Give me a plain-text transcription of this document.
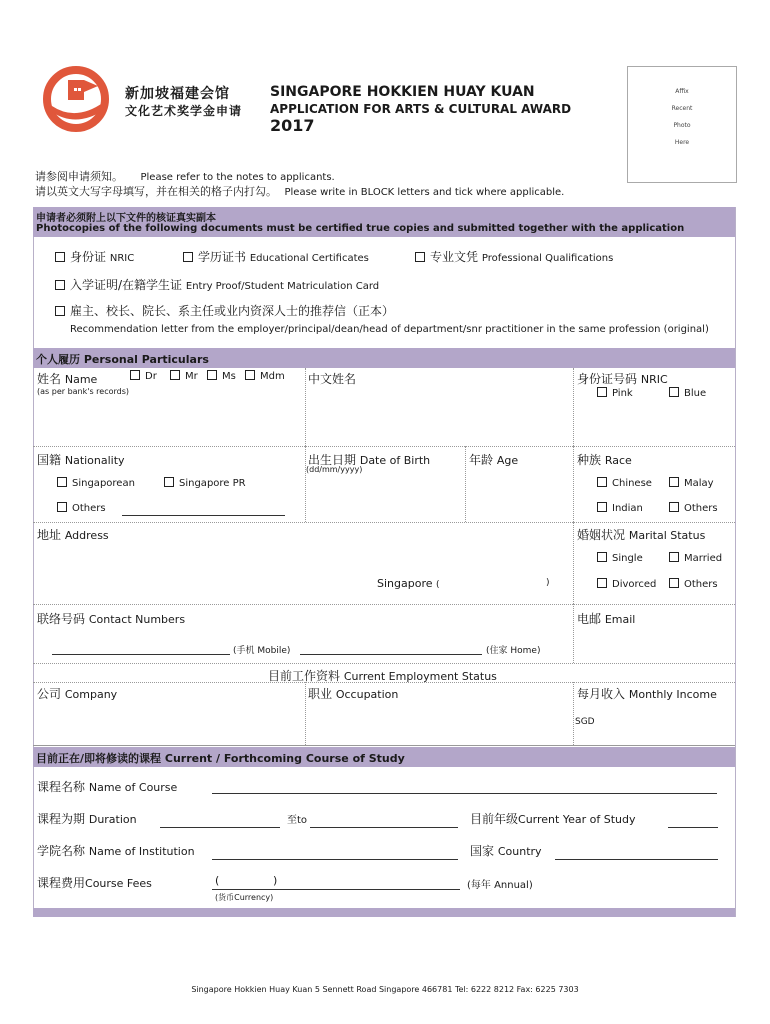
新加坡福建会馆
文化艺术奖学金申请
SINGAPORE HOKKIEN HUAY KUAN
APPLICATION FOR ARTS & CULTURAL AWARD
2017
Affix
Recent
Photo
Here
请参阅申请须知。 Please refer to the notes to applicants.
请以英文大写字母填写，并在相关的格子内打勾。 Please write in BLOCK letters and tick where applicable.
申请者必须附上以下文件的核证真实副本
Photocopies of the following documents must be certified true copies and submitted together with the application
身份证 NRIC	学历证书 Educational Certificates	专业文凭 Professional Qualifications
入学证明/在籍学生证 Entry Proof/Student Matriculation Card
雇主、校长、院长、系主任或业内资深人士的推荐信（正本）
Recommendation letter from the employer/principal/dean/head of department/snr practitioner in the same profession (original)
个人履历 Personal Particulars
姓名 Name	Dr	Mr Ms Mdm
(as per bank's records)
中文姓名	身份证号码 NRIC
Pink	Blue
国籍 Nationality
Singaporean	Singapore PR
Others
出生日期 Date of Birth
(dd/mm/yyyy)
年龄 Age	种族 Race
Chinese	Malay
Indian	Others
地址 Address
Singapore (	)
婚姻状况 Marital Status
Single	Married
Divorced	Others
联络号码 Contact Numbers
(手机 Mobile)	(住家 Home)
电邮 Email
目前工作资料 Current Employment Status
公司 Company	职业 Occupation	每月收入 Monthly Income
SGD
目前正在/即将修读的课程 Current / Forthcoming Course of Study
课程名称 Name of Course
课程为期 Duration	至to	目前年级Current Year of Study
学院名称 Name of Institution	国家 Country
课程费用Course Fees	(	)	(每年 Annual)
(货币Currency)
Singapore Hokkien Huay Kuan 5 Sennett Road Singapore 466781 Tel: 6222 8212 Fax: 6225 7303
